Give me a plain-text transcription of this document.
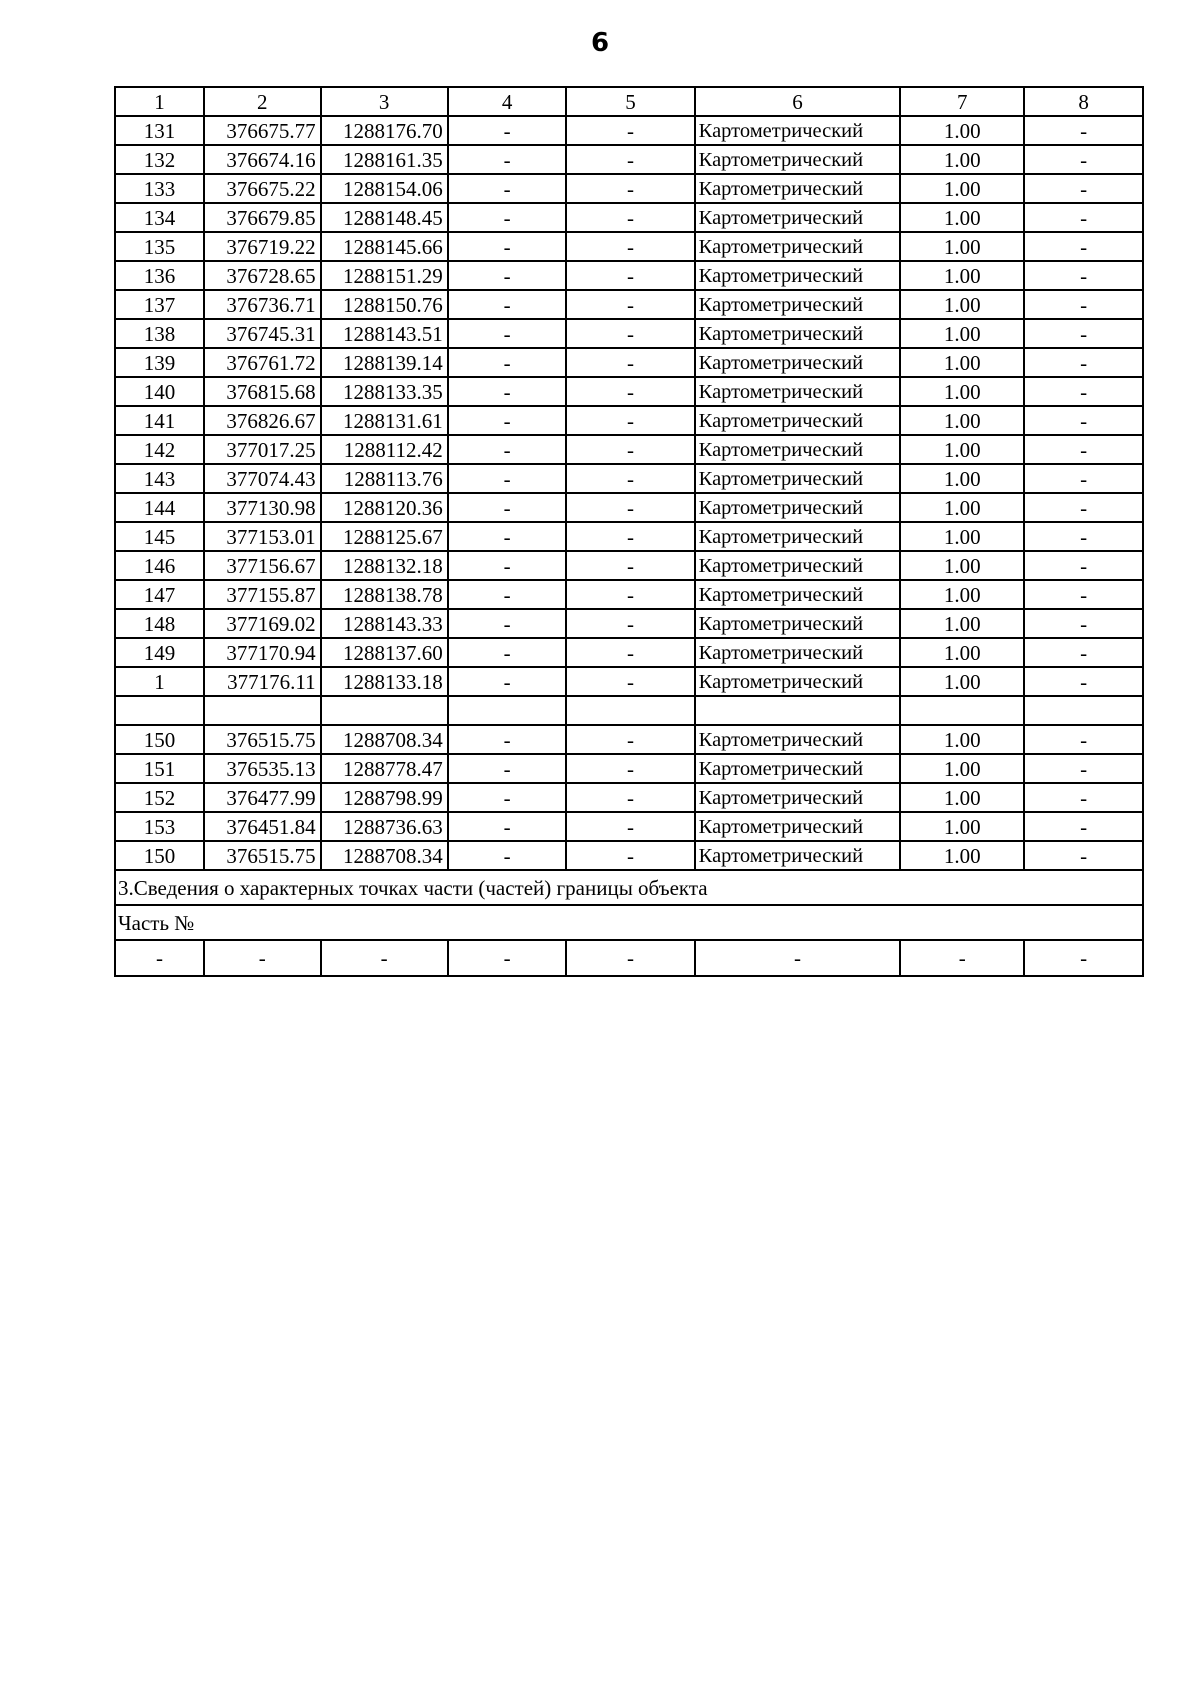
6
1	2	3	4	5	6	7	8
131	376675.77	1288176.70	-	-	Картометрический	1.00	-
132	376674.16	1288161.35	-	-	Картометрический	1.00	-
133	376675.22	1288154.06	-	-	Картометрический	1.00	-
134	376679.85	1288148.45	-	-	Картометрический	1.00	-
135	376719.22	1288145.66	-	-	Картометрический	1.00	-
136	376728.65	1288151.29	-	-	Картометрический	1.00	-
137	376736.71	1288150.76	-	-	Картометрический	1.00	-
138	376745.31	1288143.51	-	-	Картометрический	1.00	-
139	376761.72	1288139.14	-	-	Картометрический	1.00	-
140	376815.68	1288133.35	-	-	Картометрический	1.00	-
141	376826.67	1288131.61	-	-	Картометрический	1.00	-
142	377017.25	1288112.42	-	-	Картометрический	1.00	-
143	377074.43	1288113.76	-	-	Картометрический	1.00	-
144	377130.98	1288120.36	-	-	Картометрический	1.00	-
145	377153.01	1288125.67	-	-	Картометрический	1.00	-
146	377156.67	1288132.18	-	-	Картометрический	1.00	-
147	377155.87	1288138.78	-	-	Картометрический	1.00	-
148	377169.02	1288143.33	-	-	Картометрический	1.00	-
149	377170.94	1288137.60	-	-	Картометрический	1.00	-
1	377176.11	1288133.18	-	-	Картометрический	1.00	-

150	376515.75	1288708.34	-	-	Картометрический	1.00	-
151	376535.13	1288778.47	-	-	Картометрический	1.00	-
152	376477.99	1288798.99	-	-	Картометрический	1.00	-
153	376451.84	1288736.63	-	-	Картометрический	1.00	-
150	376515.75	1288708.34	-	-	Картометрический	1.00	-
3.Сведения о характерных точках части (частей) границы объекта							
Часть №							
-	-	-	-	-	-	-	-
